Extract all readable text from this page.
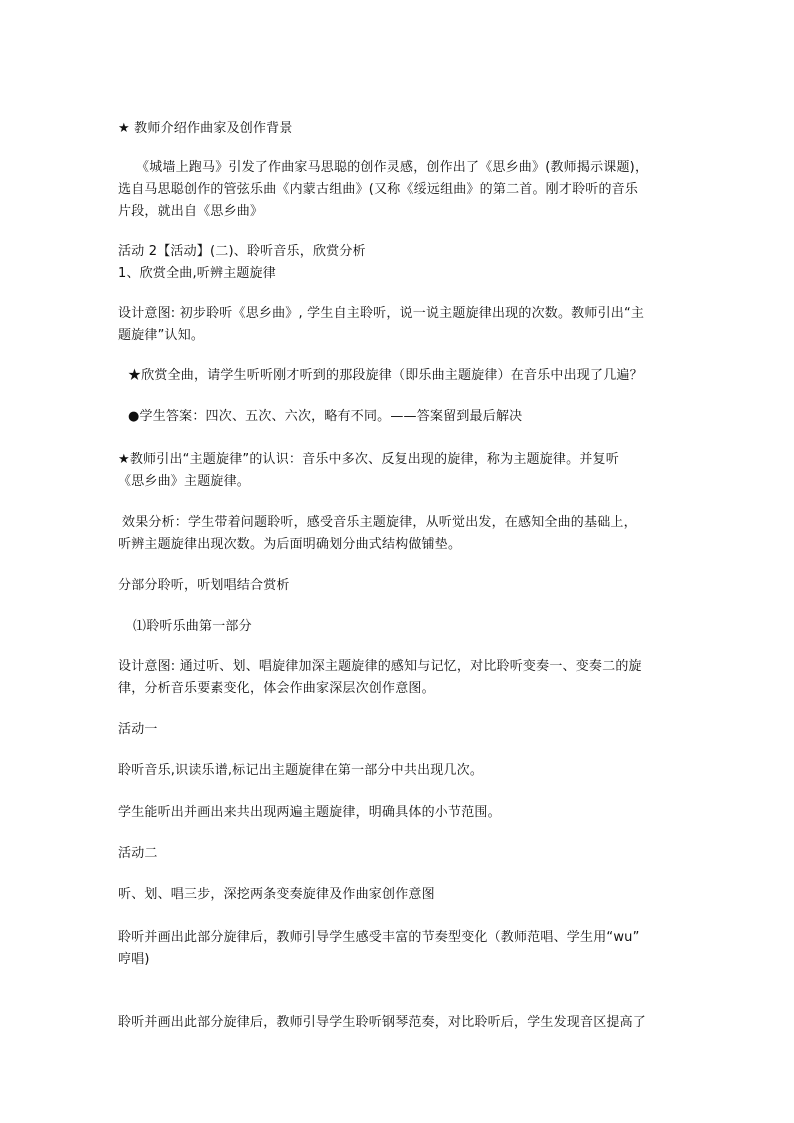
★ 教师介绍作曲家及创作背景
《城墙上跑马》引发了作曲家马思聪的创作灵感，创作出了《思乡曲》(教师揭示课题)，
选自马思聪创作的管弦乐曲《内蒙古组曲》(又称《绥远组曲》的第二首。刚才聆听的音乐
片段，就出自《思乡曲》
活动 2【活动】(二)、聆听音乐，欣赏分析
1、欣赏全曲,听辨主题旋律
设计意图: 初步聆听《思乡曲》, 学生自主聆听，说一说主题旋律出现的次数。教师引出“主
题旋律”认知。
★欣赏全曲，请学生听听刚才听到的那段旋律（即乐曲主题旋律）在音乐中出现了几遍？
●学生答案：四次、五次、六次，略有不同。——答案留到最后解决
★教师引出“主题旋律”的认识：音乐中多次、反复出现的旋律，称为主题旋律。并复听
《思乡曲》主题旋律。
效果分析：学生带着问题聆听，感受音乐主题旋律，从听觉出发，在感知全曲的基础上，
听辨主题旋律出现次数。为后面明确划分曲式结构做铺垫。
分部分聆听，听划唱结合赏析
⑴聆听乐曲第一部分
设计意图: 通过听、划、唱旋律加深主题旋律的感知与记忆，对比聆听变奏一、变奏二的旋
律，分析音乐要素变化，体会作曲家深层次创作意图。
活动一
聆听音乐,识读乐谱,标记出主题旋律在第一部分中共出现几次。
学生能听出并画出来共出现两遍主题旋律，明确具体的小节范围。
活动二
听、划、唱三步，深挖两条变奏旋律及作曲家创作意图
聆听并画出此部分旋律后，教师引导学生感受丰富的节奏型变化（教师范唱、学生用“wu”
哼唱)
聆听并画出此部分旋律后，教师引导学生聆听钢琴范奏，对比聆听后，学生发现音区提高了
